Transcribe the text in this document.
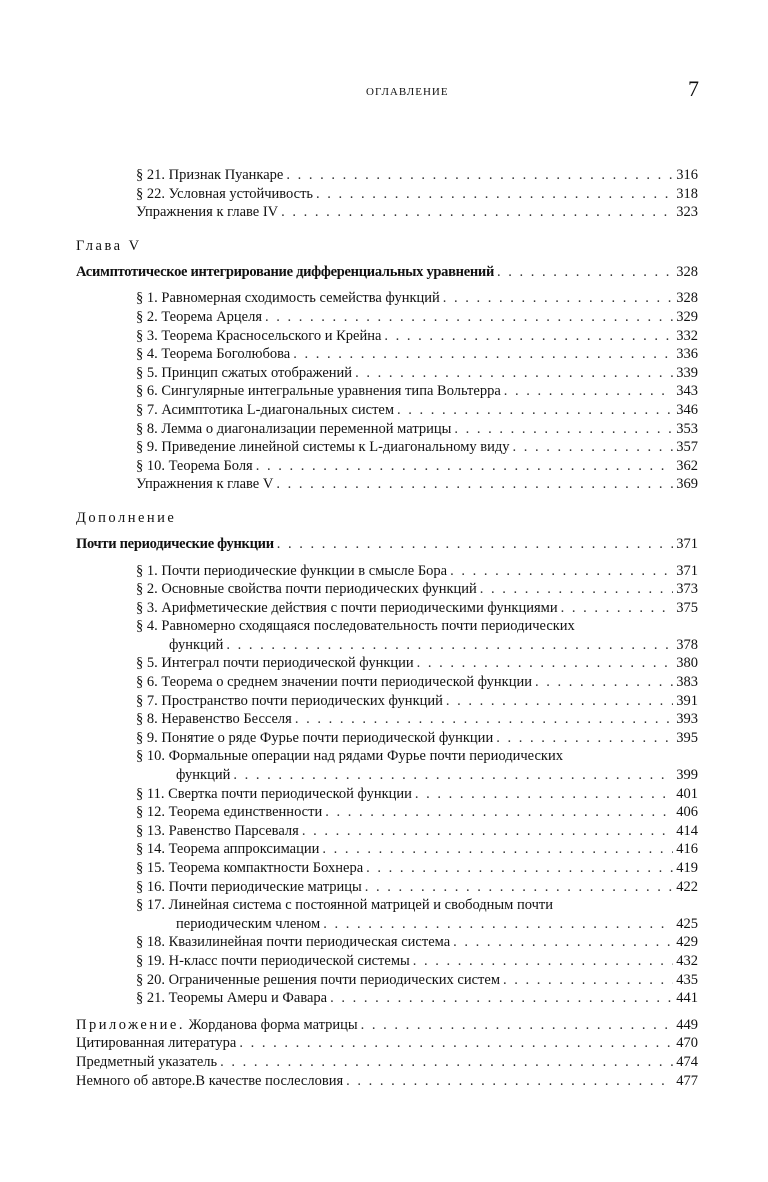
ОГЛАВЛЕНИЕ	7
§ 21. Признак Пуанкаре . . .	316
§ 22. Условная устойчивость . . .	318
Упражнения к главе IV . . .	323
Глава V
Асимптотическое интегрирование дифференциальных уравнений . . .	328
§ 1. Равномерная сходимость семейства функций . . .	328
§ 2. Теорема Арцеля . . .	329
§ 3. Теорема Красносельского и Крейна . . .	332
§ 4. Теорема Боголюбова . . .	336
§ 5. Принцип сжатых отображений . . .	339
§ 6. Сингулярные интегральные уравнения типа Вольтерра . . .	343
§ 7. Асимптотика L-диагональных систем . . .	346
§ 8. Лемма о диагонализации переменной матрицы . . .	353
§ 9. Приведение линейной системы к L-диагональному виду . . .	357
§ 10. Теорема Боля . . .	362
Упражнения к главе V . . .	369
Дополнение
Почти периодические функции . . .	371
§ 1. Почти периодические функции в смысле Бора . . .	371
§ 2. Основные свойства почти периодических функций . . .	373
§ 3. Арифметические действия с почти периодическими функциями . . .	375
§ 4. Равномерно сходящаяся последовательность почти периодических
функций . . .	378
§ 5. Интеграл почти периодической функции . . .	380
§ 6. Теорема о среднем значении почти периодической функции . . .	383
§ 7. Пространство почти периодических функций . . .	391
§ 8. Неравенство Бесселя . . .	393
§ 9. Понятие о ряде Фурье почти периодической функции . . .	395
§ 10. Формальные операции над рядами Фурье почти периодических
функций . . .	399
§ 11. Свертка почти периодической функции . . .	401
§ 12. Теорема единственности . . .	406
§ 13. Равенство Парсеваля . . .	414
§ 14. Теорема аппроксимации . . .	416
§ 15. Теорема компактности Бохнера . . .	419
§ 16. Почти периодические матрицы . . .	422
§ 17. Линейная система с постоянной матрицей и свободным почти
периодическим членом . . .	425
§ 18. Квазилинейная почти периодическая система . . .	429
§ 19. H-класс почти периодической системы . . .	432
§ 20. Ограниченные решения почти периодических систем . . .	435
§ 21. Теоремы Амерu и Фавара . . .	441
Приложение. Жорданова форма матрицы . . .	449
Цитированная литература . . .	470
Предметный указатель . . .	474
Немного об авторе.В качестве послесловия . . .	477
